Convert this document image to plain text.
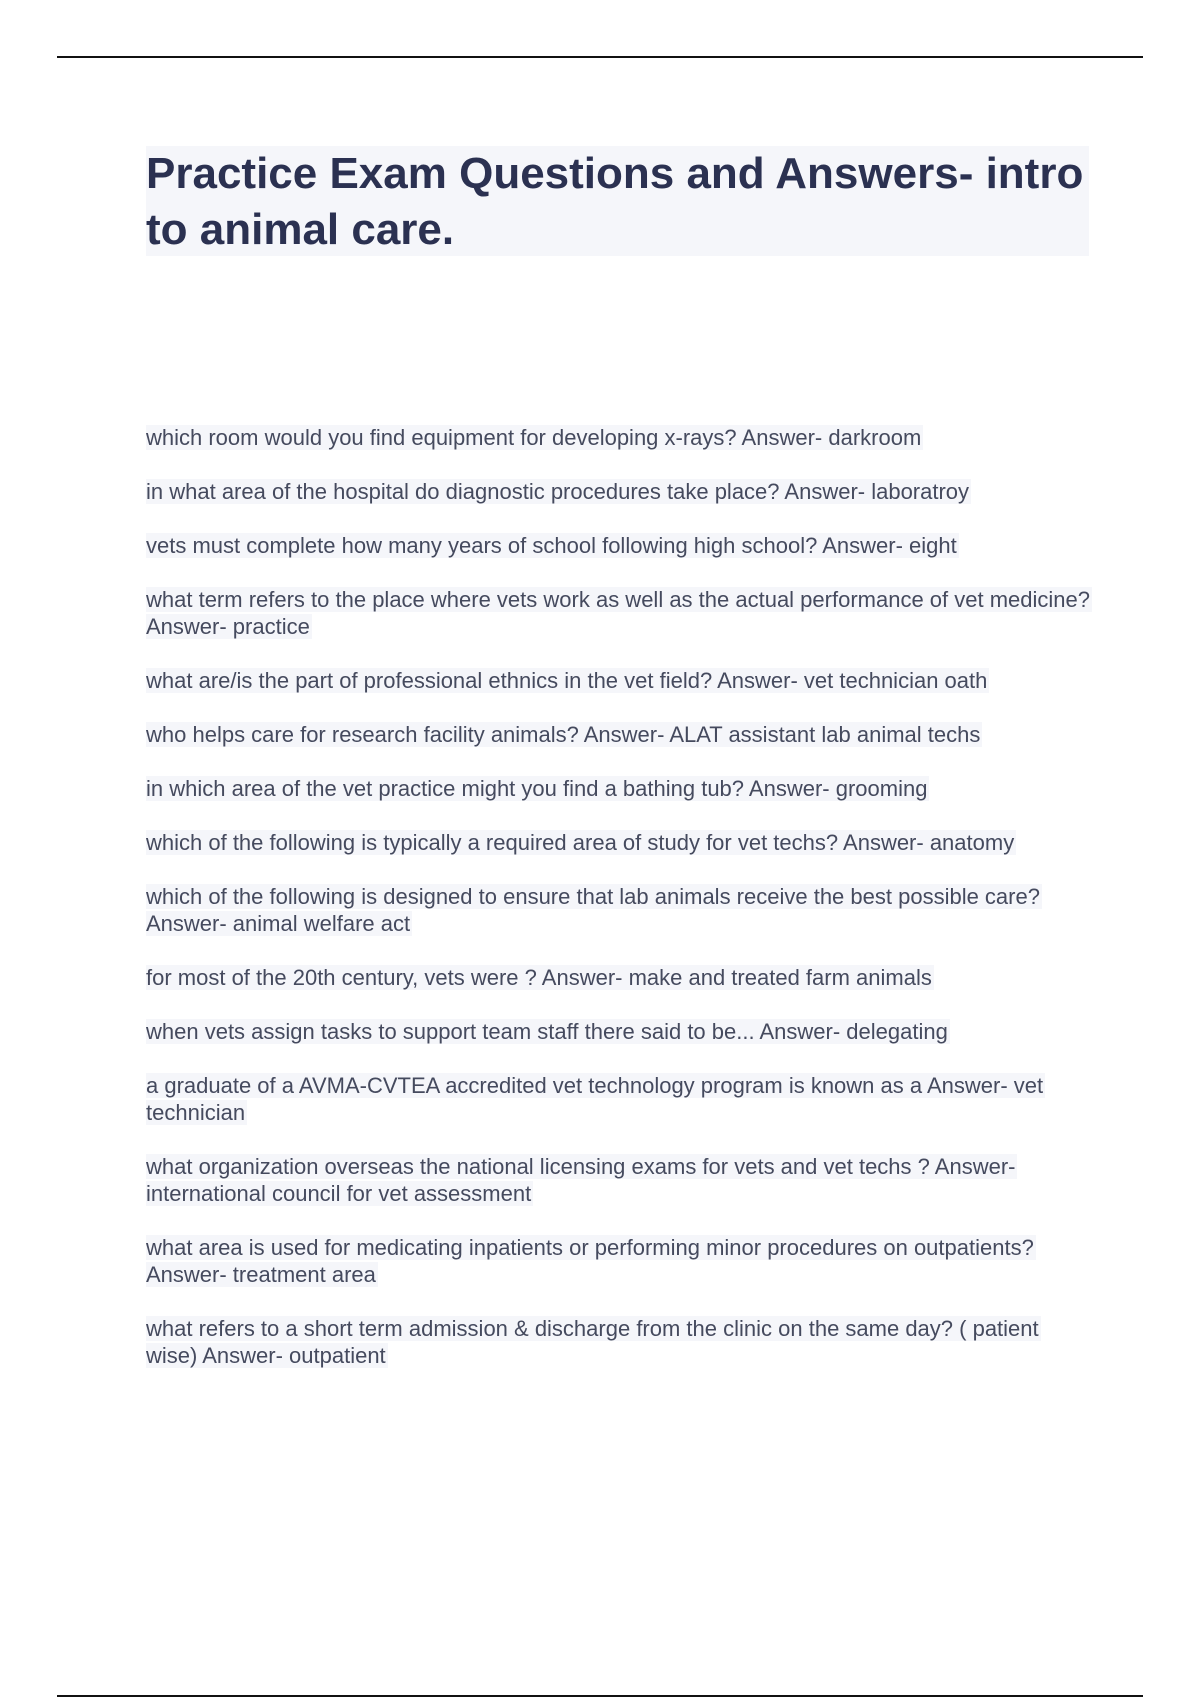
Practice Exam Questions and Answers- intro to animal care.
which room would you find equipment for developing x-rays? Answer- darkroom
in what area of the hospital do diagnostic procedures take place? Answer- laboratroy
vets must complete how many years of school following high school? Answer- eight
what term refers to the place where vets work as well as the actual performance of vet medicine? Answer- practice
what are/is the part of professional ethnics in the vet field? Answer- vet technician oath
who helps care for research facility animals? Answer- ALAT assistant lab animal techs
in which area of the vet practice might you find a bathing tub? Answer- grooming
which of the following is typically a required area of study for vet techs? Answer- anatomy
which of the following is designed to ensure that lab animals receive the best possible care? Answer- animal welfare act
for most of the 20th century, vets were ? Answer- make and treated farm animals
when vets assign tasks to support team staff there said to be... Answer- delegating
a graduate of a AVMA-CVTEA accredited vet technology program is known as a Answer- vet technician
what organization overseas the national licensing exams for vets and vet techs ? Answer- international council for vet assessment
what area is used for medicating inpatients or performing minor procedures on outpatients? Answer- treatment area
what refers to a short term admission & discharge from the clinic on the same day? ( patient wise) Answer- outpatient
